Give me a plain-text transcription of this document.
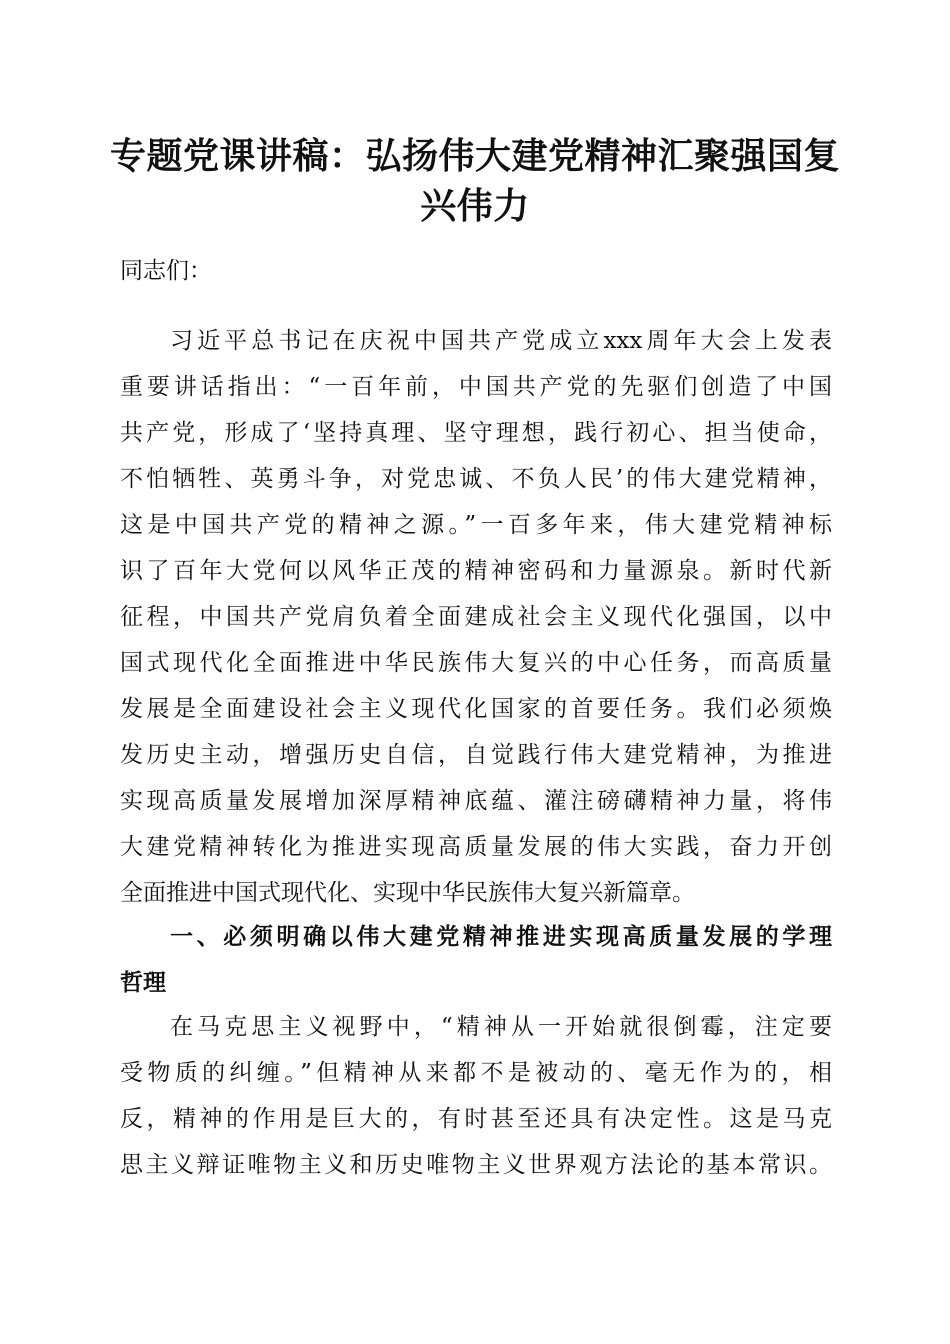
专题党课讲稿：弘扬伟大建党精神汇聚强国复
兴伟力
同志们：
习近平总书记在庆祝中国共产党成立xxx周年大会上发表
重要讲话指出：“一百年前，中国共产党的先驱们创造了中国
共产党，形成了‘坚持真理、坚守理想，践行初心、担当使命，
不怕牺牲、英勇斗争，对党忠诚、不负人民’的伟大建党精神，
这是中国共产党的精神之源。”一百多年来，伟大建党精神标
识了百年大党何以风华正茂的精神密码和力量源泉。新时代新
征程，中国共产党肩负着全面建成社会主义现代化强国，以中
国式现代化全面推进中华民族伟大复兴的中心任务，而高质量
发展是全面建设社会主义现代化国家的首要任务。我们必须焕
发历史主动，增强历史自信，自觉践行伟大建党精神，为推进
实现高质量发展增加深厚精神底蕴、灌注磅礴精神力量，将伟
大建党精神转化为推进实现高质量发展的伟大实践，奋力开创
全面推进中国式现代化、实现中华民族伟大复兴新篇章。
一、必须明确以伟大建党精神推进实现高质量发展的学理
哲理
在马克思主义视野中，“精神从一开始就很倒霉，注定要
受物质的纠缠。”但精神从来都不是被动的、毫无作为的，相
反，精神的作用是巨大的，有时甚至还具有决定性。这是马克
思主义辩证唯物主义和历史唯物主义世界观方法论的基本常识。
